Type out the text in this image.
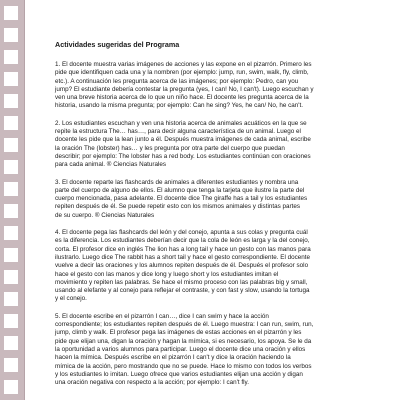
Actividades sugeridas del Programa
1. El docente muestra varias imágenes de acciones y las expone en el pizarrón. Primero les
pide que identifiquen cada una y la nombren (por ejemplo: jump, run, swim, walk, fly, climb,
etc.). A continuación les pregunta acerca de las imágenes; por ejemplo: Pedro, can you
jump? El estudiante debería contestar la pregunta (yes, I can! No, I can't). Luego escuchan y
ven una breve historia acerca de lo que un niño hace. El docente les pregunta acerca de la
historia, usando la misma pregunta; por ejemplo: Can he sing? Yes, he can/ No, he can't.
2. Los estudiantes escuchan y ven una historia acerca de animales acuáticos en la que se
repite la estructura The… has…, para decir alguna característica de un animal. Luego el
docente les pide que la lean junto a él. Después muestra imágenes de cada animal, escribe
la oración The (lobster) has… y les pregunta por otra parte del cuerpo que puedan
describir; por ejemplo: The lobster has a red body. Los estudiantes continúan con oraciones
para cada animal. ® Ciencias Naturales
3. El docente reparte las flashcards de animales a diferentes estudiantes y nombra una
parte del cuerpo de alguno de ellos. El alumno que tenga la tarjeta que ilustre la parte del
cuerpo mencionada, pasa adelante. El docente dice The giraffe has a tail y los estudiantes
repiten después de él. Se puede repetir esto con los mismos animales y distintas partes
de su cuerpo. ® Ciencias Naturales
4. El docente pega las flashcards del león y del conejo, apunta a sus colas y pregunta cuál
es la diferencia. Los estudiantes deberían decir que la cola de león es larga y la del conejo,
corta. El profesor dice en inglés The lion has a long tail y hace un gesto con las manos para
ilustrarlo. Luego dice The rabbit has a short tail y hace el gesto correspondiente. El docente
vuelve a decir las oraciones y los alumnos repiten después de él. Después el profesor solo
hace el gesto con las manos y dice long y luego short y los estudiantes imitan el
movimiento y repiten las palabras. Se hace el mismo proceso con las palabras big y small,
usando al elefante y al conejo para reflejar el contraste, y con fast y slow, usando la tortuga
y el conejo.
5. El docente escribe en el pizarrón I can…, dice I can swim y hace la acción
correspondiente; los estudiantes repiten después de él. Luego muestra: I can run, swim, run,
jump, climb y walk. El profesor pega las imágenes de estas acciones en el pizarrón y les
pide que elijan una, digan la oración y hagan la mímica, si es necesario, los apoya. Se le da
la oportunidad a varios alumnos para participar. Luego el docente dice una oración y ellos
hacen la mímica. Después escribe en el pizarrón I can't y dice la oración haciendo la
mímica de la acción, pero mostrando que no se puede. Hace lo mismo con todos los verbos
y los estudiantes lo imitan. Luego ofrece que varios estudiantes elijan una acción y digan
una oración negativa con respecto a la acción; por ejemplo: I can't fly.
